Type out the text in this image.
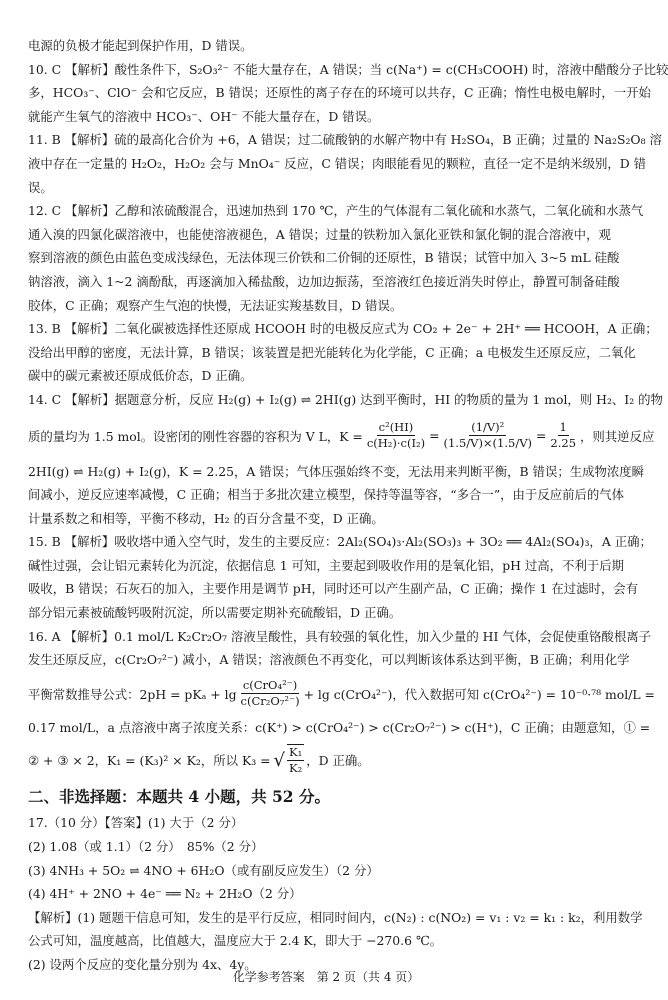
电源的负极才能起到保护作用，D 错误。
10. C 【解析】酸性条件下，S₂O₃²⁻ 不能大量存在，A 错误；当 c(Na⁺) = c(CH₃COOH) 时，溶液中醋酸分子比较
多，HCO₃⁻、ClO⁻ 会和它反应，B 错误；还原性的离子存在的环境可以共存，C 正确；惰性电极电解时，一开始
就能产生氧气的溶液中 HCO₃⁻、OH⁻ 不能大量存在，D 错误。
11. B 【解析】硫的最高化合价为 +6，A 错误；过二硫酸钠的水解产物中有 H₂SO₄，B 正确；过量的 Na₂S₂O₈ 溶
液中存在一定量的 H₂O₂，H₂O₂ 会与 MnO₄⁻ 反应，C 错误；肉眼能看见的颗粒，直径一定不是纳米级别，D 错
误。
12. C 【解析】乙醇和浓硫酸混合，迅速加热到 170 ℃，产生的气体混有二氧化硫和水蒸气，二氧化硫和水蒸气
通入溴的四氯化碳溶液中，也能使溶液褪色，A 错误；过量的铁粉加入氯化亚铁和氯化铜的混合溶液中，观
察到溶液的颜色由蓝色变成浅绿色，无法体现三价铁和二价铜的还原性，B 错误；试管中加入 3~5 mL 硅酸
钠溶液，滴入 1~2 滴酚酞，再逐滴加入稀盐酸，边加边振荡，至溶液红色接近消失时停止，静置可制备硅酸
胶体，C 正确；观察产生气泡的快慢，无法证实羧基数目，D 错误。
13. B 【解析】二氧化碳被选择性还原成 HCOOH 时的电极反应式为 CO₂ + 2e⁻ + 2H⁺ ══ HCOOH，A 正确；
没给出甲醇的密度，无法计算，B 错误；该装置是把光能转化为化学能，C 正确；a 电极发生还原反应，二氧化
碳中的碳元素被还原成低价态，D 正确。
14. C 【解析】据题意分析，反应 H₂(g) + I₂(g) ⇌ 2HI(g) 达到平衡时，HI 的物质的量为 1 mol，则 H₂、I₂ 的物
质的量均为 1.5 mol。设密闭的刚性容器的容积为 V L，$K = \frac{\text{c²(HI)}}{\text{c(H₂)·c(I₂)}} = \frac{\text{(1/V)²}}{(1.5/V)\times(1.5/V)} = \frac{1}{2.25}$ ，则其逆反应
2HI(g) ⇌ H₂(g) + I₂(g)，K = 2.25，A 错误；气体压强始终不变，无法用来判断平衡，B 错误；生成物浓度瞬
间减小，逆反应速率减慢，C 正确；相当于多批次建立模型，保持等温等容，“多合一”，由于反应前后的气体
计量系数之和相等，平衡不移动，H₂ 的百分含量不变，D 正确。
15. B 【解析】吸收塔中通入空气时，发生的主要反应：2Al₂(SO₄)₃·Al₂(SO₃)₃ + 3O₂ ══ 4Al₂(SO₄)₃，A 正确；
碱性过强，会让铝元素转化为沉淀，依据信息 1 可知，主要起到吸收作用的是氧化铝，pH 过高，不利于后期
吸收，B 错误；石灰石的加入，主要作用是调节 pH，同时还可以产生副产品，C 正确；操作 1 在过滤时，会有
部分铝元素被硫酸钙吸附沉淀，所以需要定期补充硫酸铝，D 正确。
16. A 【解析】0.1 mol/L K₂Cr₂O₇ 溶液呈酸性，具有较强的氧化性，加入少量的 HI 气体，会促使重铬酸根离子
发生还原反应，c(Cr₂O₇²⁻) 减小，A 错误；溶液颜色不再变化，可以判断该体系达到平衡，B 正确；利用化学
平衡常数推导公式：$2pH = pK_a + \lg \frac{\text{c(CrO₄²⁻)}}{\text{c(Cr₂O₇²⁻)}} + \lg c(CrO_4^{2-})$，代入数据可知 c(CrO₄²⁻) = 10⁻⁰·⁷⁸ mol/L =
0.17 mol/L，a 点溶液中离子浓度关系：c(K⁺) > c(CrO₄²⁻) > c(Cr₂O₇²⁻) > c(H⁺)，C 正确；由题意知，① =
② + ③ × 2，K₁ = (K₃)² × K₂，所以 K₃ = √ $\frac{\text{K₁}}{\text{K₂}}$ ，D 正确。
二、非选择题：本题共 4 小题，共 52 分。
17.（10 分）【答案】(1) 大于（2 分）
(2) 1.08（或 1.1）（2 分）　85%（2 分）
(3) 4NH₃ + 5O₂ ⇌ 4NO + 6H₂O（或有副反应发生）（2 分）
(4) 4H⁺ + 2NO + 4e⁻ ══ N₂ + 2H₂O（2 分）
【解析】(1) 题题干信息可知，发生的是平行反应，相同时间内，c(N₂) : c(NO₂) = v₁ : v₂ = k₁ : k₂，利用数学
公式可知，温度越高，比值越大，温度应大于 2.4 K，即大于 −270.6 ℃。
(2) 设两个反应的变化量分别为 4x、4y。
化学参考答案　第 2 页（共 4 页）
